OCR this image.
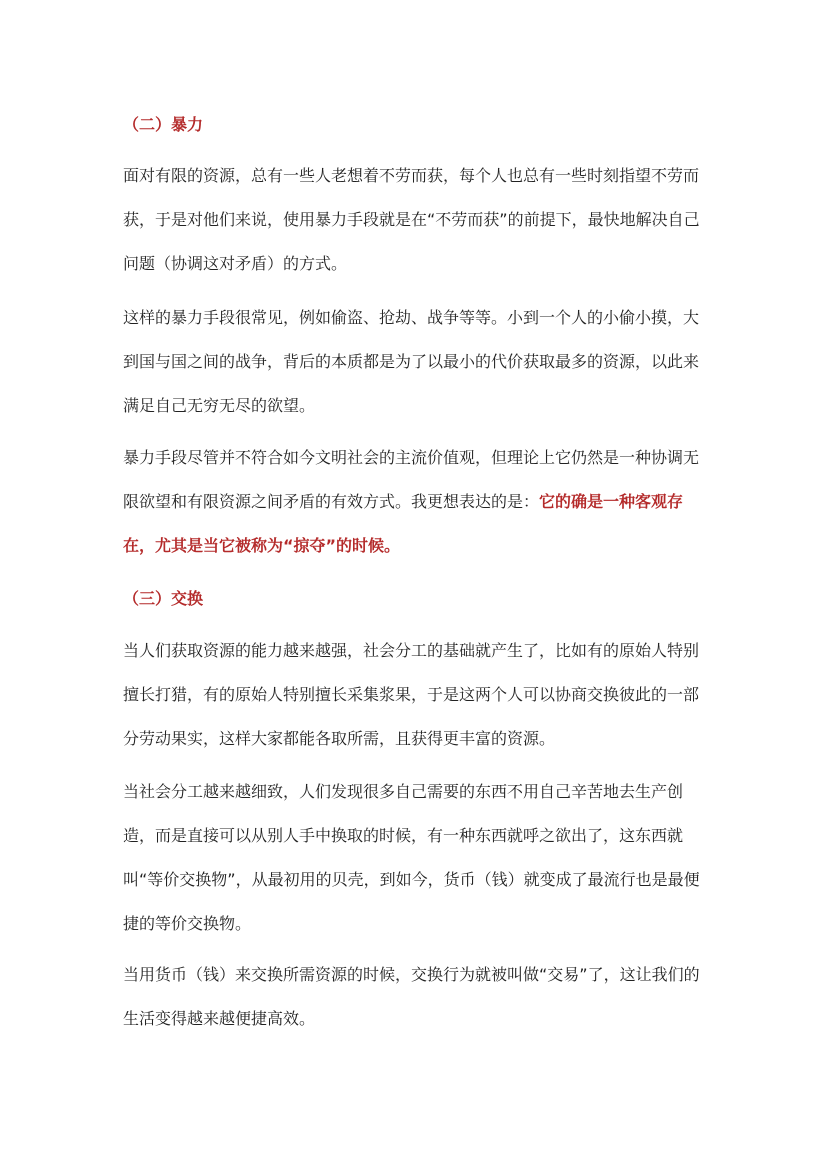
（二）暴力

面对有限的资源，总有一些人老想着不劳而获，每个人也总有一些时刻指望不劳而获，于是对他们来说，使用暴力手段就是在“不劳而获”的前提下，最快地解决自己问题（协调这对矛盾）的方式。

这样的暴力手段很常见，例如偷盗、抢劫、战争等等。小到一个人的小偷小摸，大到国与国之间的战争，背后的本质都是为了以最小的代价获取最多的资源，以此来满足自己无穷无尽的欲望。

暴力手段尽管并不符合如今文明社会的主流价值观，但理论上它仍然是一种协调无限欲望和有限资源之间矛盾的有效方式。我更想表达的是：它的确是一种客观存在，尤其是当它被称为“掠夺”的时候。

（三）交换

当人们获取资源的能力越来越强，社会分工的基础就产生了，比如有的原始人特别擅长打猎，有的原始人特别擅长采集浆果，于是这两个人可以协商交换彼此的一部分劳动果实，这样大家都能各取所需，且获得更丰富的资源。

当社会分工越来越细致，人们发现很多自己需要的东西不用自己辛苦地去生产创造，而是直接可以从别人手中换取的时候，有一种东西就呼之欲出了，这东西就叫“等价交换物”，从最初用的贝壳，到如今，货币（钱）就变成了最流行也是最便捷的等价交换物。

当用货币（钱）来交换所需资源的时候，交换行为就被叫做“交易”了，这让我们的生活变得越来越便捷高效。
